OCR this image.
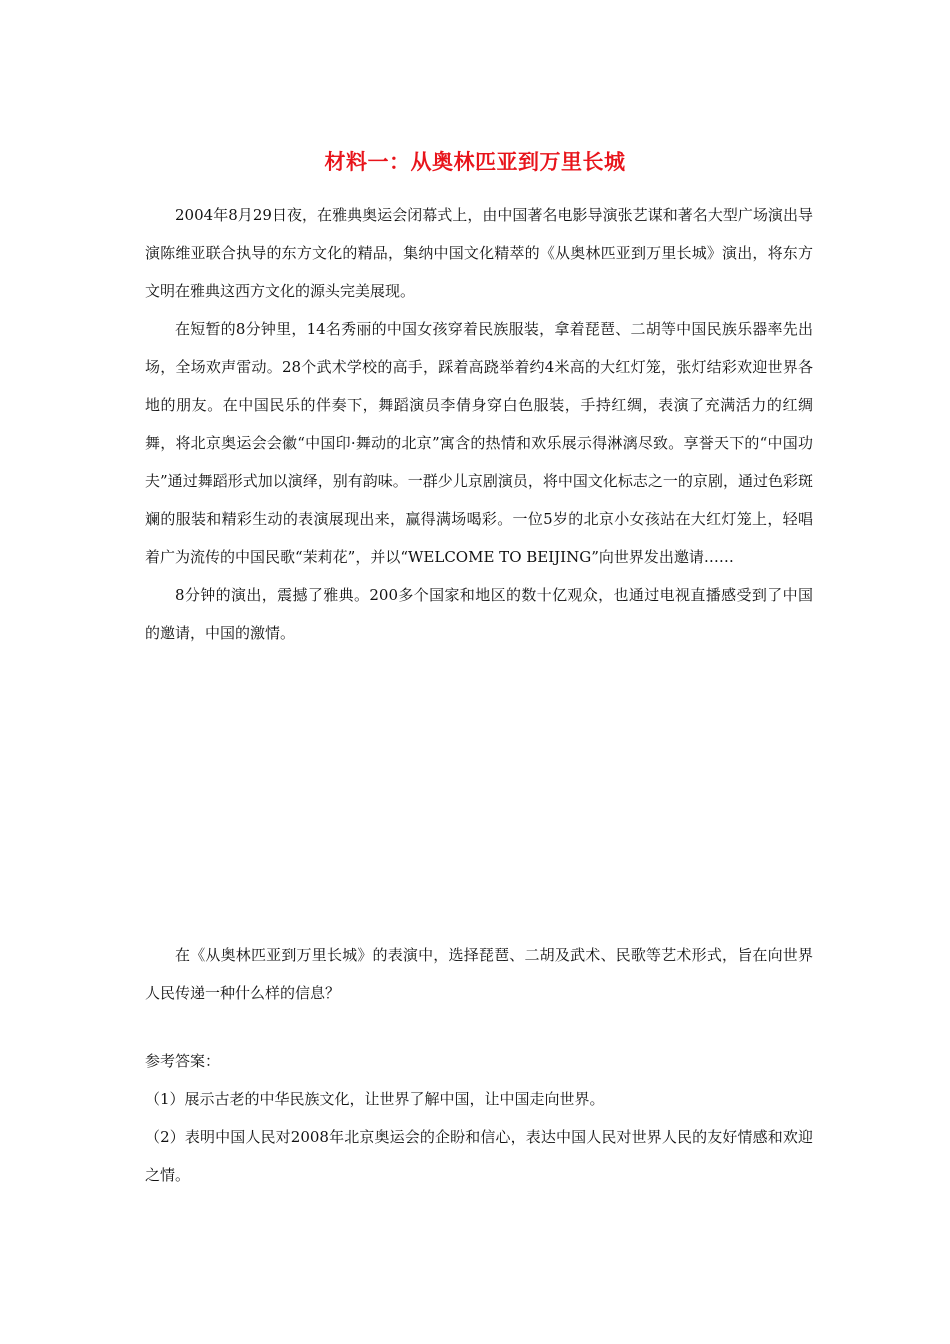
材料一：从奥林匹亚到万里长城

2004年8月29日夜，在雅典奥运会闭幕式上，由中国著名电影导演张艺谋和著名大型广场演出导演陈维亚联合执导的东方文化的精品，集纳中国文化精萃的《从奥林匹亚到万里长城》演出，将东方文明在雅典这西方文化的源头完美展现。

在短暂的8分钟里，14名秀丽的中国女孩穿着民族服装，拿着琵琶、二胡等中国民族乐器率先出场，全场欢声雷动。28个武术学校的高手，踩着高跷举着约4米高的大红灯笼，张灯结彩欢迎世界各地的朋友。在中国民乐的伴奏下，舞蹈演员李倩身穿白色服装，手持红绸，表演了充满活力的红绸舞，将北京奥运会会徽“中国印·舞动的北京”寓含的热情和欢乐展示得淋漓尽致。享誉天下的“中国功夫”通过舞蹈形式加以演绎，别有韵味。一群少儿京剧演员，将中国文化标志之一的京剧，通过色彩斑斓的服装和精彩生动的表演展现出来，赢得满场喝彩。一位5岁的北京小女孩站在大红灯笼上，轻唱着广为流传的中国民歌“茉莉花”，并以“WELCOME TO BEIJING”向世界发出邀请……

8分钟的演出，震撼了雅典。200多个国家和地区的数十亿观众，也通过电视直播感受到了中国的邀请，中国的激情。

在《从奥林匹亚到万里长城》的表演中，选择琵琶、二胡及武术、民歌等艺术形式，旨在向世界人民传递一种什么样的信息？

参考答案：

（1）展示古老的中华民族文化，让世界了解中国，让中国走向世界。

（2）表明中国人民对2008年北京奥运会的企盼和信心，表达中国人民对世界人民的友好情感和欢迎之情。
